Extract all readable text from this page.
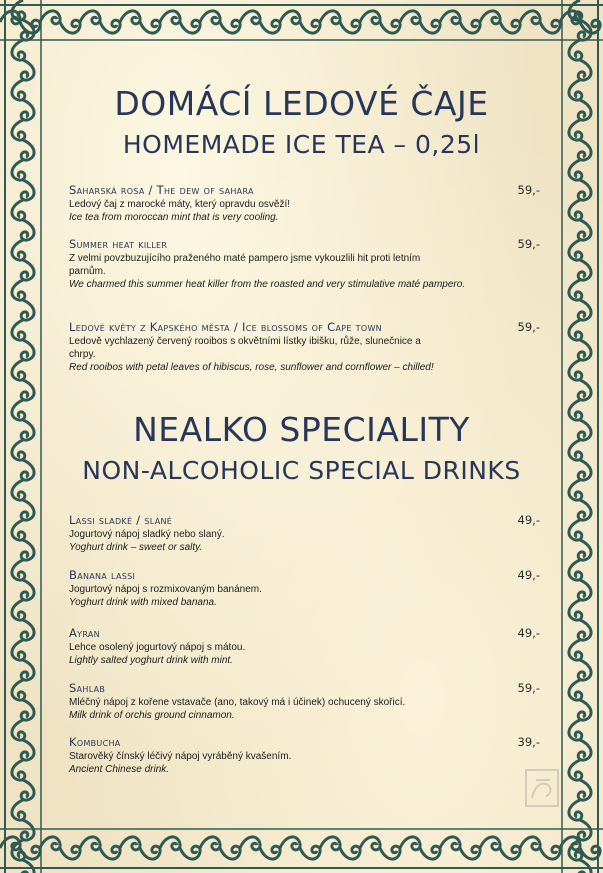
DOMÁCÍ LEDOVÉ ČAJE
HOMEMADE ICE TEA – 0,25l
Saharská rosa / The dew of sahara	59,-
Ledový čaj z marocké máty, který opravdu osvěží!
Ice tea from moroccan mint that is very cooling.
Summer heat killer	59,-
Z velmi povzbuzujícího praženého maté pampero jsme vykouzlili hit proti letním parnům.
We charmed this summer heat killer from the roasted and very stimulative maté pampero.
Ledové květy z Kapského města / Ice blossoms of Cape town	59,-
Ledově vychlazený červený rooibos s okvětními lístky ibišku, růže, slunečnice a chrpy.
Red rooibos with petal leaves of hibiscus, rose, sunflower and cornflower – chilled!
NEALKO SPECIALITY
NON-ALCOHOLIC SPECIAL DRINKS
Lassi sladké / slané	49,-
Jogurtový nápoj sladký nebo slaný.
Yoghurt drink – sweet or salty.
Banana lassi	49,-
Jogurtový nápoj s rozmixovaným banánem.
Yoghurt drink with mixed banana.
Ayran	49,-
Lehce osolený jogurtový nápoj s mátou.
Lightly salted yoghurt drink with mint.
Sahlab	59,-
Mléčný nápoj z kořene vstavače (ano, takový má i účinek) ochucený skořicí.
Milk drink of orchis ground cinnamon.
Kombucha	39,-
Starověký čínský léčivý nápoj vyráběný kvašením.
Ancient Chinese drink.
